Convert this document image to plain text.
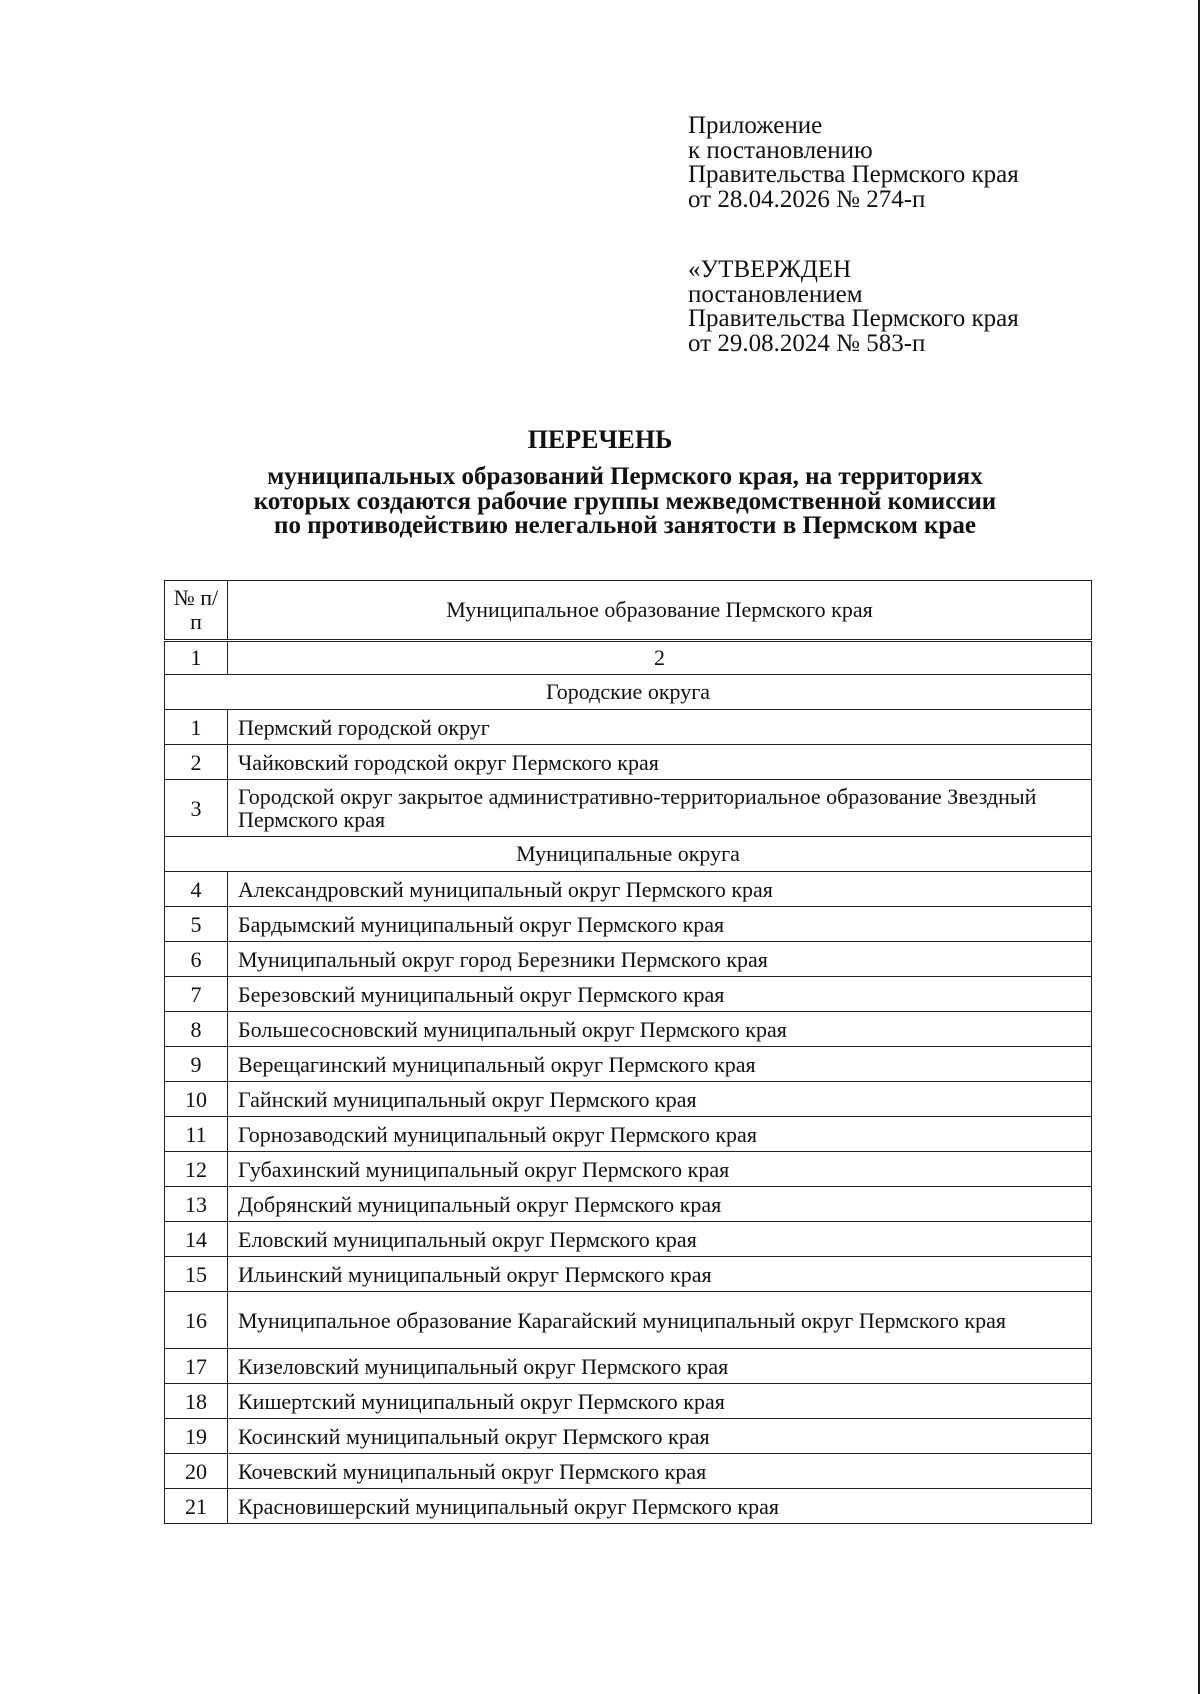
Приложение
к постановлению
Правительства Пермского края
от 28.04.2026 № 274-п
«УТВЕРЖДЕН
постановлением
Правительства Пермского края
от 29.08.2024 № 583-п
ПЕРЕЧЕНЬ
муниципальных образований Пермского края, на территориях
которых создаются рабочие группы межведомственной комиссии
по противодействию нелегальной занятости в Пермском крае
№ п/п	Муниципальное образование Пермского края
1	2
Городские округа	
1	Пермский городской округ
2	Чайковский городской округ Пермского края
3	Городской округ закрытое административно-территориальное образование Звездный Пермского края
Муниципальные округа	
4	Александровский муниципальный округ Пермского края
5	Бардымский муниципальный округ Пермского края
6	Муниципальный округ город Березники Пермского края
7	Березовский муниципальный округ Пермского края
8	Большесосновский муниципальный округ Пермского края
9	Верещагинский муниципальный округ Пермского края
10	Гайнский муниципальный округ Пермского края
11	Горнозаводский муниципальный округ Пермского края
12	Губахинский муниципальный округ Пермского края
13	Добрянский муниципальный округ Пермского края
14	Еловский муниципальный округ Пермского края
15	Ильинский муниципальный округ Пермского края
16	Муниципальное образование Карагайский муниципальный округ Пермского края
17	Кизеловский муниципальный округ Пермского края
18	Кишертский муниципальный округ Пермского края
19	Косинский муниципальный округ Пермского края
20	Кочевский муниципальный округ Пермского края
21	Красновишерский муниципальный округ Пермского края
